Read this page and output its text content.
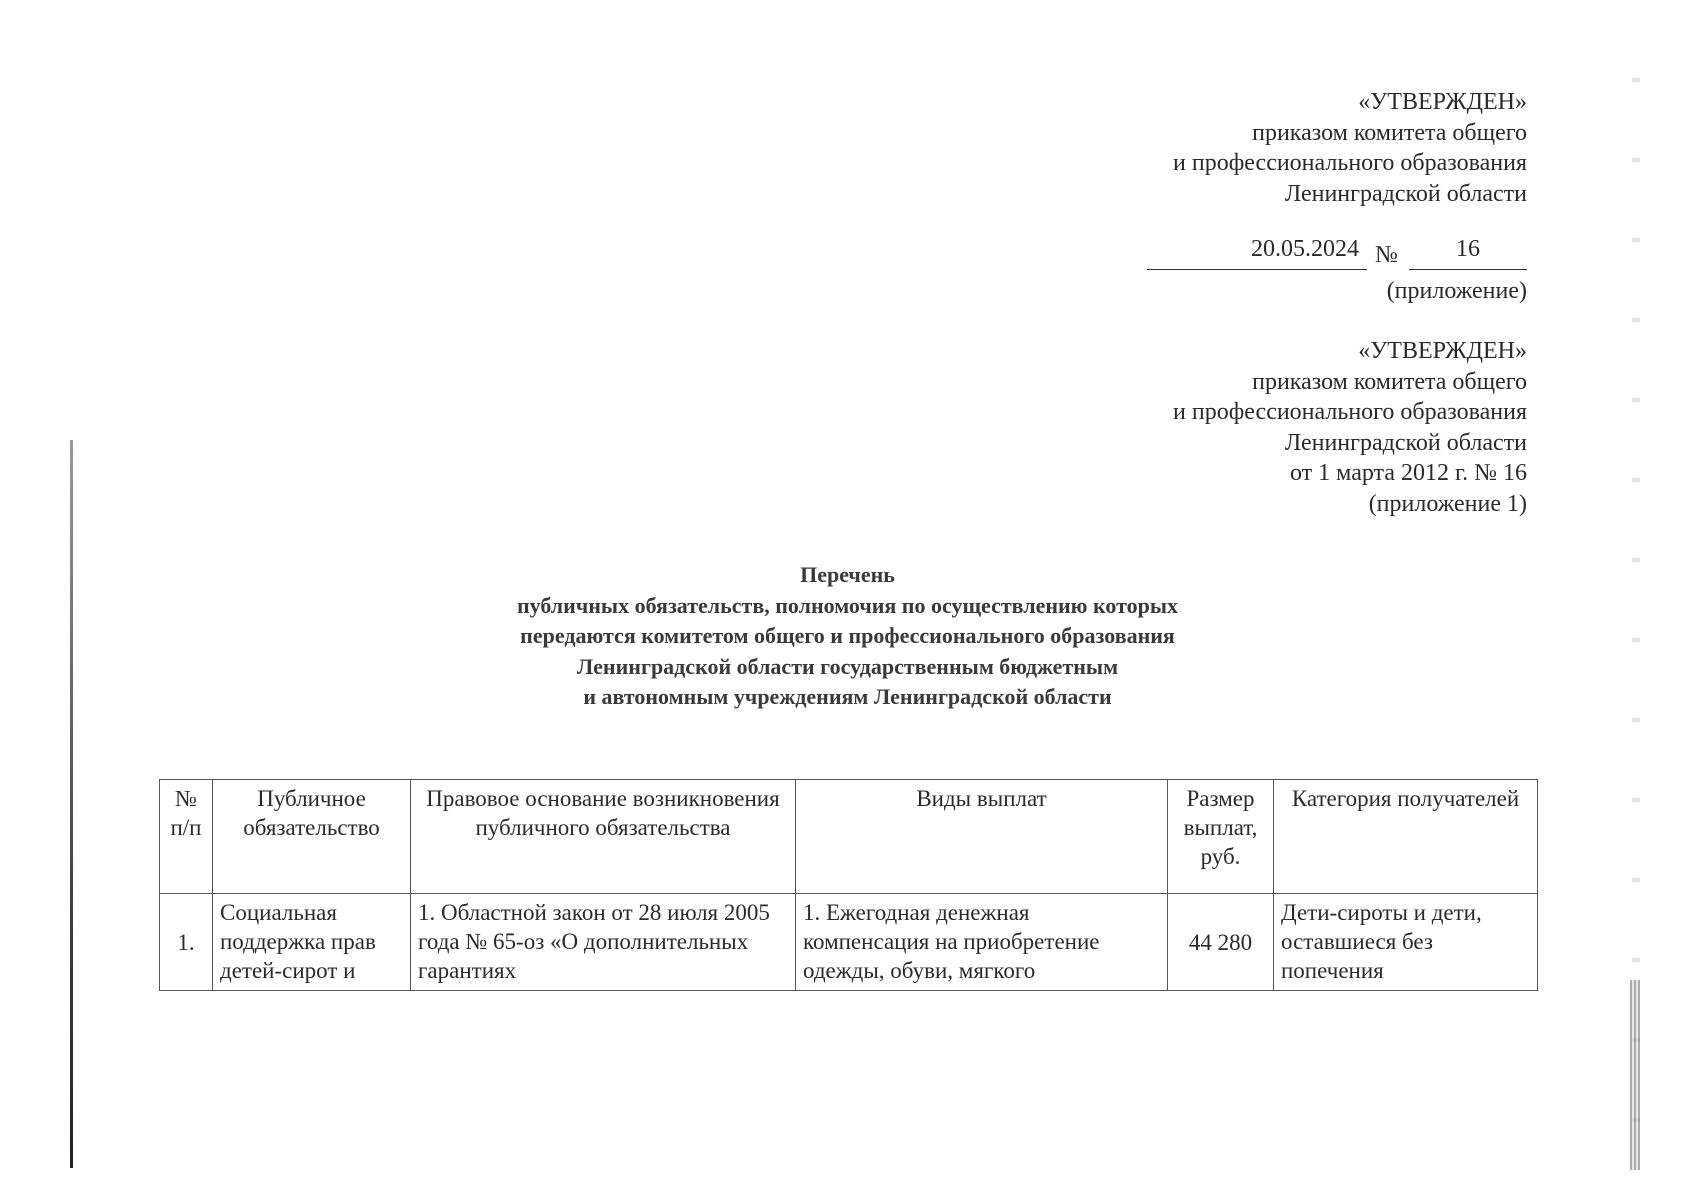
«УТВЕРЖДЕН»
приказом комитета общего
и профессионального образования
Ленинградской области
20.05.2024 №	16
(приложение)
«УТВЕРЖДЕН»
приказом комитета общего
и профессионального образования
Ленинградской области
от 1 марта 2012 г. № 16
(приложение 1)
Перечень
публичных обязательств, полномочия по осуществлению которых
передаются комитетом общего и профессионального образования
Ленинградской области государственным бюджетным
и автономным учреждениям Ленинградской области
№ п/п	Публичное обязательство	Правовое основание возникновения публичного обязательства	Виды выплат	Размер выплат, руб.	Категория получателей
1.	Социальная поддержка прав детей-сирот и	1. Областной закон от 28 июля 2005 года № 65-оз «О дополнительных гарантиях	1. Ежегодная денежная компенсация на приобретение одежды, обуви, мягкого	44 280	Дети-сироты и дети, оставшиеся без попечения
